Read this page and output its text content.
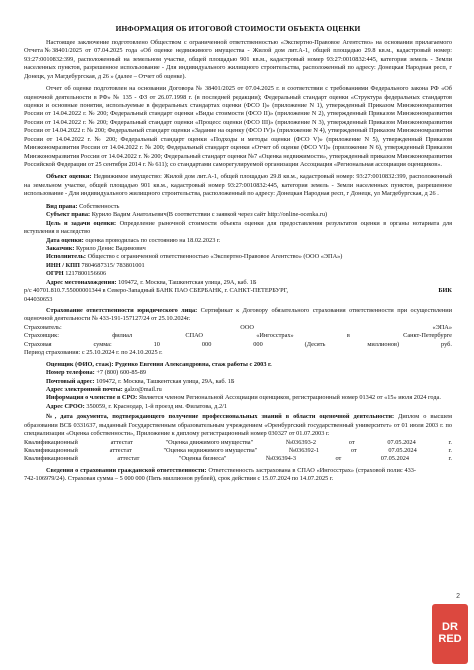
ИНФОРМАЦИЯ ОБ ИТОГОВОЙ СТОИМОСТИ ОБЪЕКТА ОЦЕНКИ

Настоящее заключение подготовлено Обществом с ограниченной ответственностью «Экспертно-Правовое Агентство» на основании прилагаемого Отчета№38401/2025 от 07.04.2025 года «Об оценке недвижимого имущества - Жилой дом лит.А-1, общей площадью 29.8 кв.м., кадастровый номер: 93:27:0010832:399, расположенный на земельном участке, общей площадью 901 кв.м., кадастровый номер 93:27:0010832:445, категория земель - Земли населенных пунктов, разрешенное использование - Для индивидуального жилищного строительства, расположенный по адресу: Донецкая Народная респ, г Донецк, ул Магдебургская, д 26 » (далее – Отчет об оценке).

Отчет об оценке подготовлен на основании Договора № 38401/2025 от 07.04.2025 г. в соответствии с требованиями Федерального закона РФ «Об оценочной деятельности в РФ» № 135 - ФЗ от 26.07.1998 г. (в последней редакции); Федеральный стандарт оценки «Структура федеральных стандартов оценки и основные понятия, используемые в федеральных стандартах оценки (ФСО I)» (приложение N 1), утвержденный Приказом Минэкономразвития России от 14.04.2022 г. № 200; Федеральный стандарт оценки «Виды стоимости (ФСО II)» (приложение N 2), утвержденный Приказом Минэкономразвития России от 14.04.2022 г. № 200; Федеральный стандарт оценки «Процесс оценки (ФСО III)» (приложение N 3), утвержденный Приказом Минэкономразвития России от 14.04.2022 г. № 200; Федеральный стандарт оценки «Задание на оценку (ФСО IV)» (приложение N 4), утвержденный Приказом Минэкономразвития России от 14.04.2022 г. № 200; Федеральный стандарт оценки «Подходы и методы оценки (ФСО V)» (приложение N 5), утвержденный Приказом Минэкономразвития России от 14.04.2022 г. № 200; Федеральный стандарт оценки «Отчет об оценке (ФСО VI)» (приложение N 6), утвержденный Приказом Минэкономразвития России от 14.04.2022 г. № 200; Федеральный стандарт оценки №7 «Оценка недвижимости», утвержденный приказом Минэкономразвития Российской Федерации от 25 сентября 2014 г. № 611); со стандартами саморегулируемой организации Ассоциация «Региональная ассоциация оценщиков».

Объект оценки: Недвижимое имущество: Жилой дом лит.А-1, общей площадью 29.8 кв.м., кадастровый номер: 93:27:0010832:399, расположенный на земельном участке, общей площадью 901 кв.м., кадастровый номер 93:27:0010832:445, категория земель - Земли населенных пунктов, разрешенное использование - Для индивидуального жилищного строительства, расположенный по адресу: Донецкая Народная респ, г Донецк, ул Магдебургская, д 26 .

Вид права: Собственность
Субъект права: Курило Вадим Анатольевич(В соответствии с заявкой через сайт http://online-ocenka.ru)
Цель и задачи оценки: Определение рыночной стоимости объекта оценки для предоставления результатов оценки в органы нотариата для вступления в наследство
Дата оценки: оценка проводилась по состоянию на 18.02.2023 г.
Заказчик: Курило Денис Вадимович
Исполнитель: Общество с ограниченной ответственностью «Экспертно-Правовое Агентство» (ООО «ЭПА»)
ИНН / КПП 7804687315/ 783801001
ОГРН 1217800156606
Адрес местонахождения: 109472, г. Москва, Ташкентская улица, 29А, каб. 1Б
р/с 40701.810.7.55000001344 в Северо-Западный БАНК ПАО СБЕРБАНК, г. САНКТ-ПЕТЕРБУРГ,	БИК
044030653

Страхование ответственности юридического лица: Сертификат к Договору обязательного страхования ответственности при осуществлении оценочной деятельности № 433-191-157127/24 от 25.10.2024г.

Страхователь:	ООО	«ЭПА»
Страховщик:	филиал	СПАО	«Ингосстрах»	в	Санкт-Петербурге
Страховая	сумма:	10	000	000	(Десять	миллионов)	руб.
Период страхования: с 25.10.2024 г. по 24.10.2025 г.
Оценщик (ФИО, стаж): Руденко Евгения Александровна, стаж работы с 2003 г.
Номер телефона: +7 (800) 600-85-89
Почтовый адрес: 109472, г. Москва, Ташкентская улица, 29А, каб. 1Б
Адрес электронной почты: galzo@mail.ru
Информация о членстве в СРО: Является членом Региональной Ассоциации оценщиков, регистрационный номер 01342 от «15» июля 2024 года.
Адрес СРОО: 350059, г. Краснодар, 1-й проезд им. Филатова, д.2/1

№, дата документа, подтверждающего получение профессиональных знаний в области оценочной деятельности: Диплом о высшем образовании ВСБ 0331637, выданный Государственным образовательным учреждением «Оренбургский государственный университет» от 01 июля 2003 г. по специализации «Оценка собственности», Приложение к диплому регистрационный номер 030327 от 01.07.2003 г.

Квалификационный	аттестат	"Оценка движимого имущества"	№036393-2	от	07.05.2024	г.
Квалификационный	аттестат	"Оценка недвижимого имущества"	№036392-1	от	07.05.2024	г.
Квалификационный	аттестат	"Оценка бизнеса"	№036394-3	от	07.05.2024	г.

Сведения о страховании гражданской ответственности: Ответственность застрахована в СПАО «Ингосстрах» (страховой полис 433-742-106979/24). Страховая сумма – 5 000 000 (Пять миллионов рублей), срок действия с 15.07.2024 по 14.07.2025 г.

2
DR
RED
